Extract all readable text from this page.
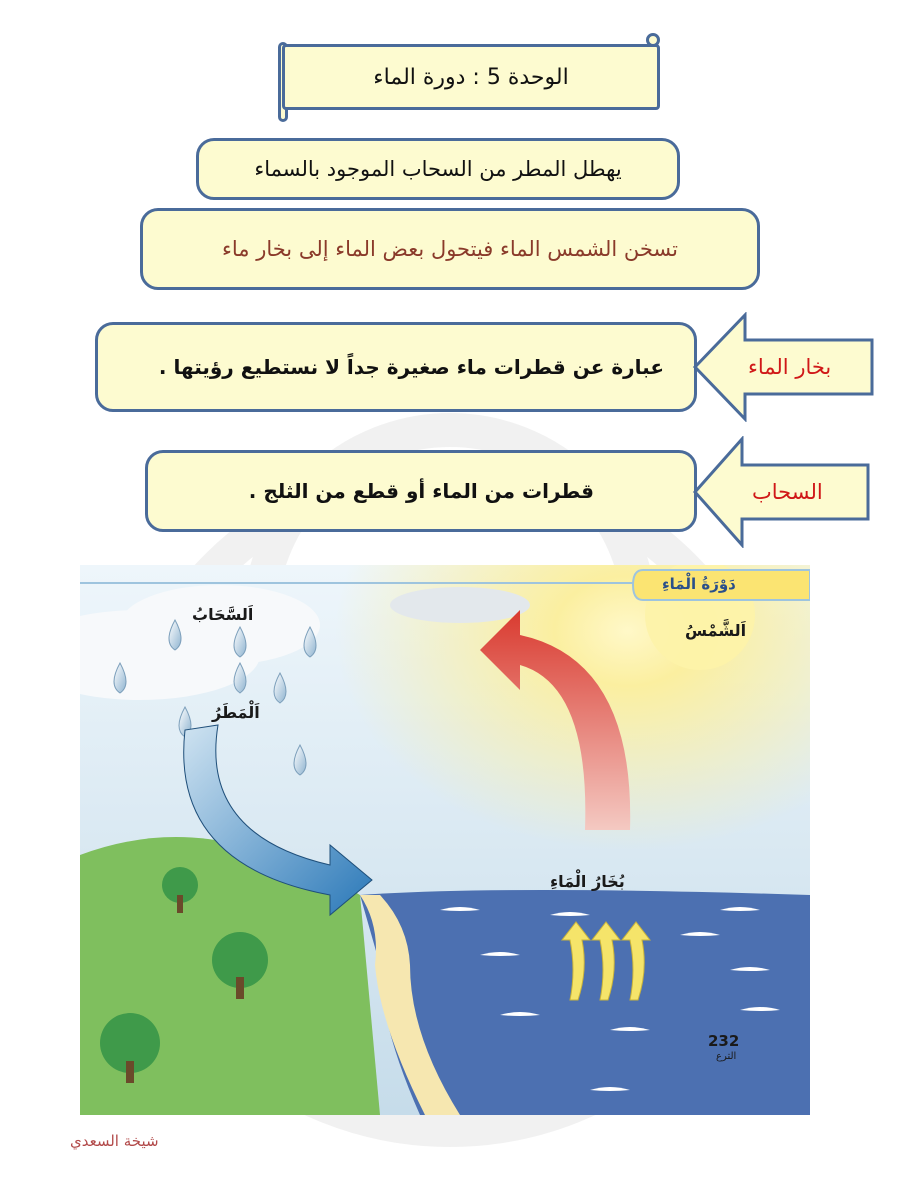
الوحدة 5 : دورة الماء
يهطل المطر من السحاب الموجود بالسماء
تسخن الشمس الماء فيتحول بعض الماء إلى بخار ماء
عبارة عن قطرات ماء صغيرة جداً لا نستطيع رؤيتها .	بخار الماء
قطرات من الماء أو قطع من الثلج .	السحاب
دَوْرَةُ الْمَاءِ
اَلشَّمْسُ
اَلسَّحَابُ
اَلْمَطَرُ
بُخَارُ الْمَاءِ
232
الترع
شيخة السعدي
